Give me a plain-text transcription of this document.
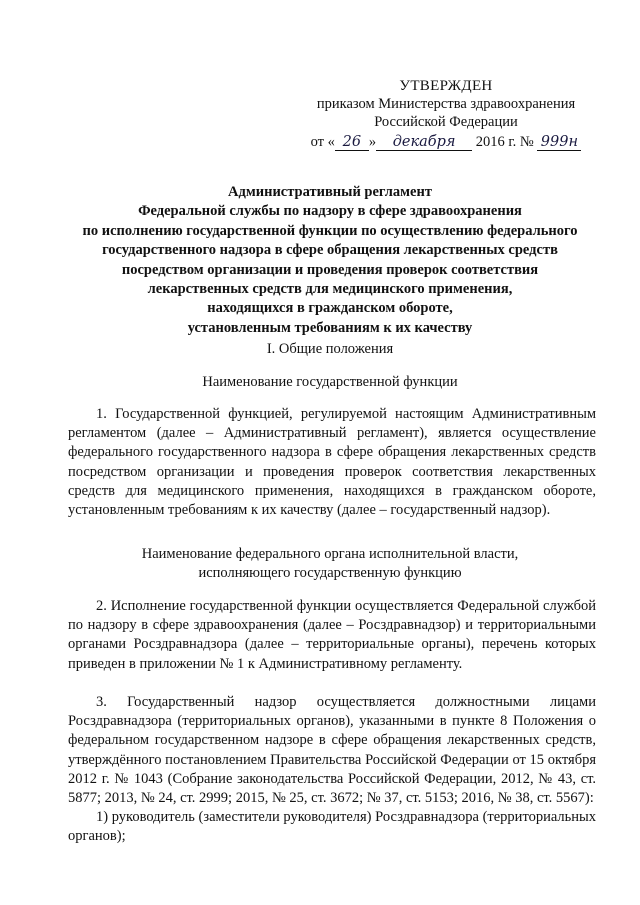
УТВЕРЖДЕН
приказом Министерства здравоохранения
Российской Федерации
от « 26 » декабря 2016 г. № 999н
Административный регламент
Федеральной службы по надзору в сфере здравоохранения
по исполнению государственной функции по осуществлению федерального
государственного надзора в сфере обращения лекарственных средств
посредством организации и проведения проверок соответствия
лекарственных средств для медицинского применения,
находящихся в гражданском обороте,
установленным требованиям к их качеству
I. Общие положения
Наименование государственной функции
1. Государственной функцией, регулируемой настоящим Административным регламентом (далее – Административный регламент), является осуществление федерального государственного надзора в сфере обращения лекарственных средств посредством организации и проведения проверок соответствия лекарственных средств для медицинского применения, находящихся в гражданском обороте, установленным требованиям к их качеству (далее – государственный надзор).
Наименование федерального органа исполнительной власти,
исполняющего государственную функцию
2. Исполнение государственной функции осуществляется Федеральной службой по надзору в сфере здравоохранения (далее – Росздравнадзор) и территориальными органами Росздравнадзора (далее – территориальные органы), перечень которых приведен в приложении № 1 к Административному регламенту.
3. Государственный надзор осуществляется должностными лицами Росздравнадзора (территориальных органов), указанными в пункте 8 Положения о федеральном государственном надзоре в сфере обращения лекарственных средств, утверждённого постановлением Правительства Российской Федерации от 15 октября 2012 г. № 1043 (Собрание законодательства Российской Федерации, 2012, № 43, ст. 5877; 2013, № 24, ст. 2999; 2015, № 25, ст. 3672; № 37, ст. 5153; 2016, № 38, ст. 5567):
1) руководитель (заместители руководителя) Росздравнадзора (территориальных органов);
